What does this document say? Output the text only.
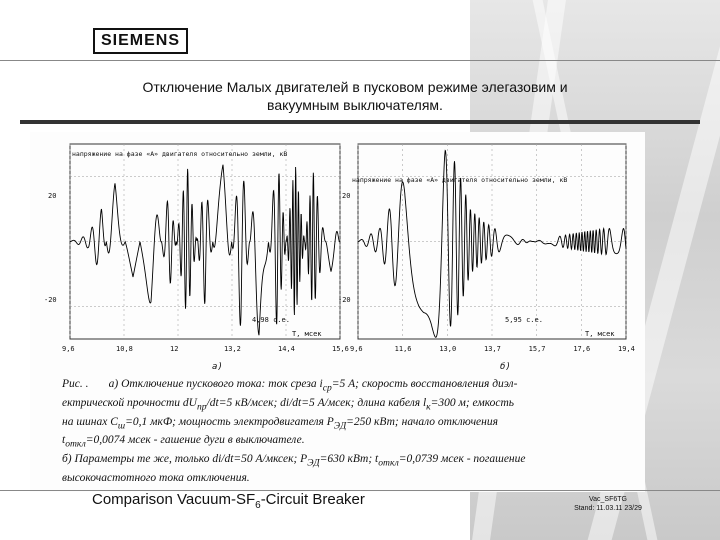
SIEMENS
Отключение Малых двигателей в пусковом режиме элегазовим и
вакуумным выключателям.
напряжение на фазе «A» двигателя относительно земли, кВ
20
-20
T, мсек
4,98 с.е.
а)
9,6	10,8	12	13,2	14,4	15,6
напряжение на фазе «A» двигателя относительно земли, кВ
20
-20
T, мсек
5,95 с.е.
б)
9,6	11,6	13,0	13,7	15,7	17,6	19,4

Рис. . а) Отключение пускового тока: ток среза $i_{ср}=5$ А; скорость восстановления диэл-

ектрической прочности $dU_{пр}/dt=5$ кВ/мсек; di/dt=5 А/мсек; длина кабеля $l_к=300$ м; емкость

на шинах $С_ш=0,1$ мкФ; мощность электродвигателя $Р_{ЭД}=250$ кВт; начало отключения

$t_{откл}=0,0074$ мсек - гашение дуги в выключателе.

б) Параметры те же, только di/dt=50 А/мксек; $Р_{ЭД}=630$ кВт; $t_{откл}=0,0739$ мсек - погашение

высокочастотного тока отключения.

Comparison Vacuum-$SF_6$-Circuit Breaker	Vac_SF6TG
Stand: 11.03.11 23/29
